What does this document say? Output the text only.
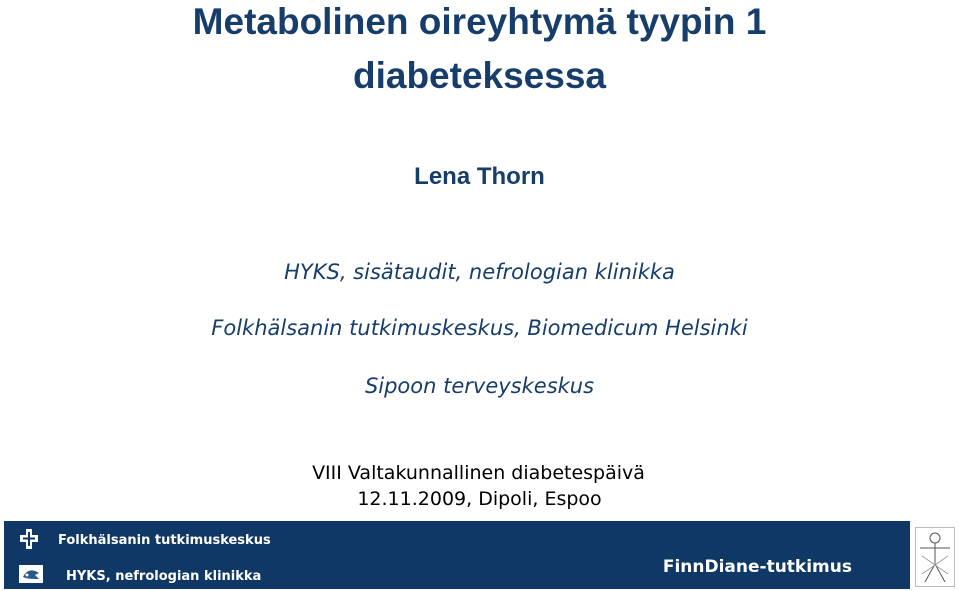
Metabolinen oireyhtymä tyypin 1
diabeteksessa
Lena Thorn
HYKS, sisätaudit, nefrologian klinikka
Folkhälsanin tutkimuskeskus, Biomedicum Helsinki
Sipoon terveyskeskus
VIII Valtakunnallinen diabetespäivä
12.11.2009, Dipoli, Espoo
Folkhälsanin tutkimuskeskus
HYKS, nefrologian klinikka	FinnDiane-tutkimus
